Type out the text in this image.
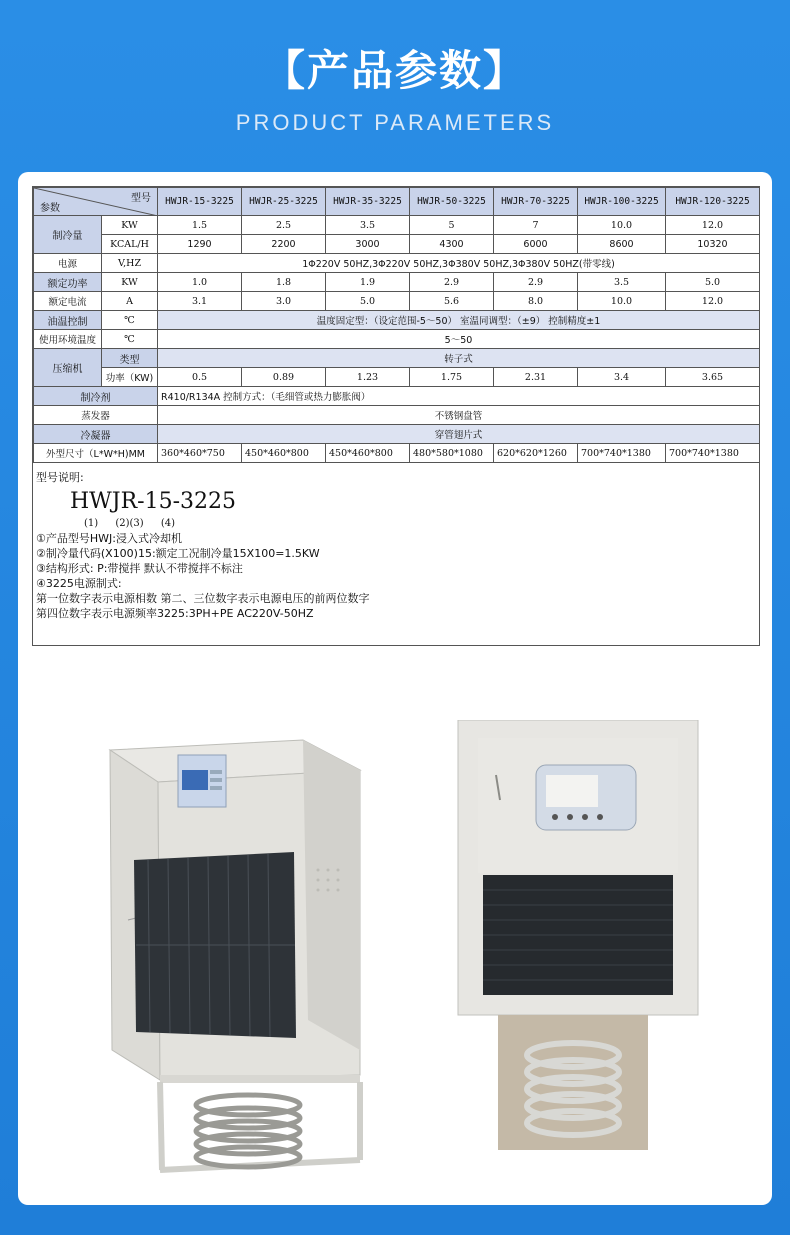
【产品参数】
PRODUCT PARAMETERS
型号
参数		HWJR-15-3225	HWJR-25-3225	HWJR-35-3225	HWJR-50-3225	HWJR-70-3225	HWJR-100-3225	HWJR-120-3225
制冷量	KW	1.5	2.5	3.5	5	7	10.0	12.0
	KCAL/H	1290	2200	3000	4300	6000	8600	10320
电源	V,HZ	1Φ220V 50HZ,3Φ220V 50HZ,3Φ380V 50HZ,3Φ380V 50HZ(带零线)						
额定功率	KW	1.0	1.8	1.9	2.9	2.9	3.5	5.0
额定电流	A	3.1	3.0	5.0	5.6	8.0	10.0	12.0
油温控制	℃	温度固定型：（设定范围-5～50） 室温同调型：（±9） 控制精度±1						
使用环境温度	℃	5～50						
压缩机	类型	转子式						
	功率（KW)	0.5	0.89	1.23	1.75	2.31	3.4	3.65
制冷剂		R410/R134A 控制方式：（毛细管或热力膨胀阀）						
蒸发器		不锈钢盘管						
冷凝器		穿管翅片式						
外型尺寸（L*W*H)MM		360*460*750	450*460*800	450*460*800	480*580*1080	620*620*1260	700*740*1380	700*740*1380
型号说明:
HWJR-15-3225
(1) (2)(3) (4)
①产品型号HWJ:浸入式冷却机
②制冷量代码(X100)15:额定工况制冷量15X100=1.5KW
③结构形式: P:带搅拌 默认不带搅拌不标注
④3225电源制式:
第一位数字表示电源相数 第二、三位数字表示电源电压的前两位数字
第四位数字表示电源频率3225:3PH+PE AC220V-50HZ
